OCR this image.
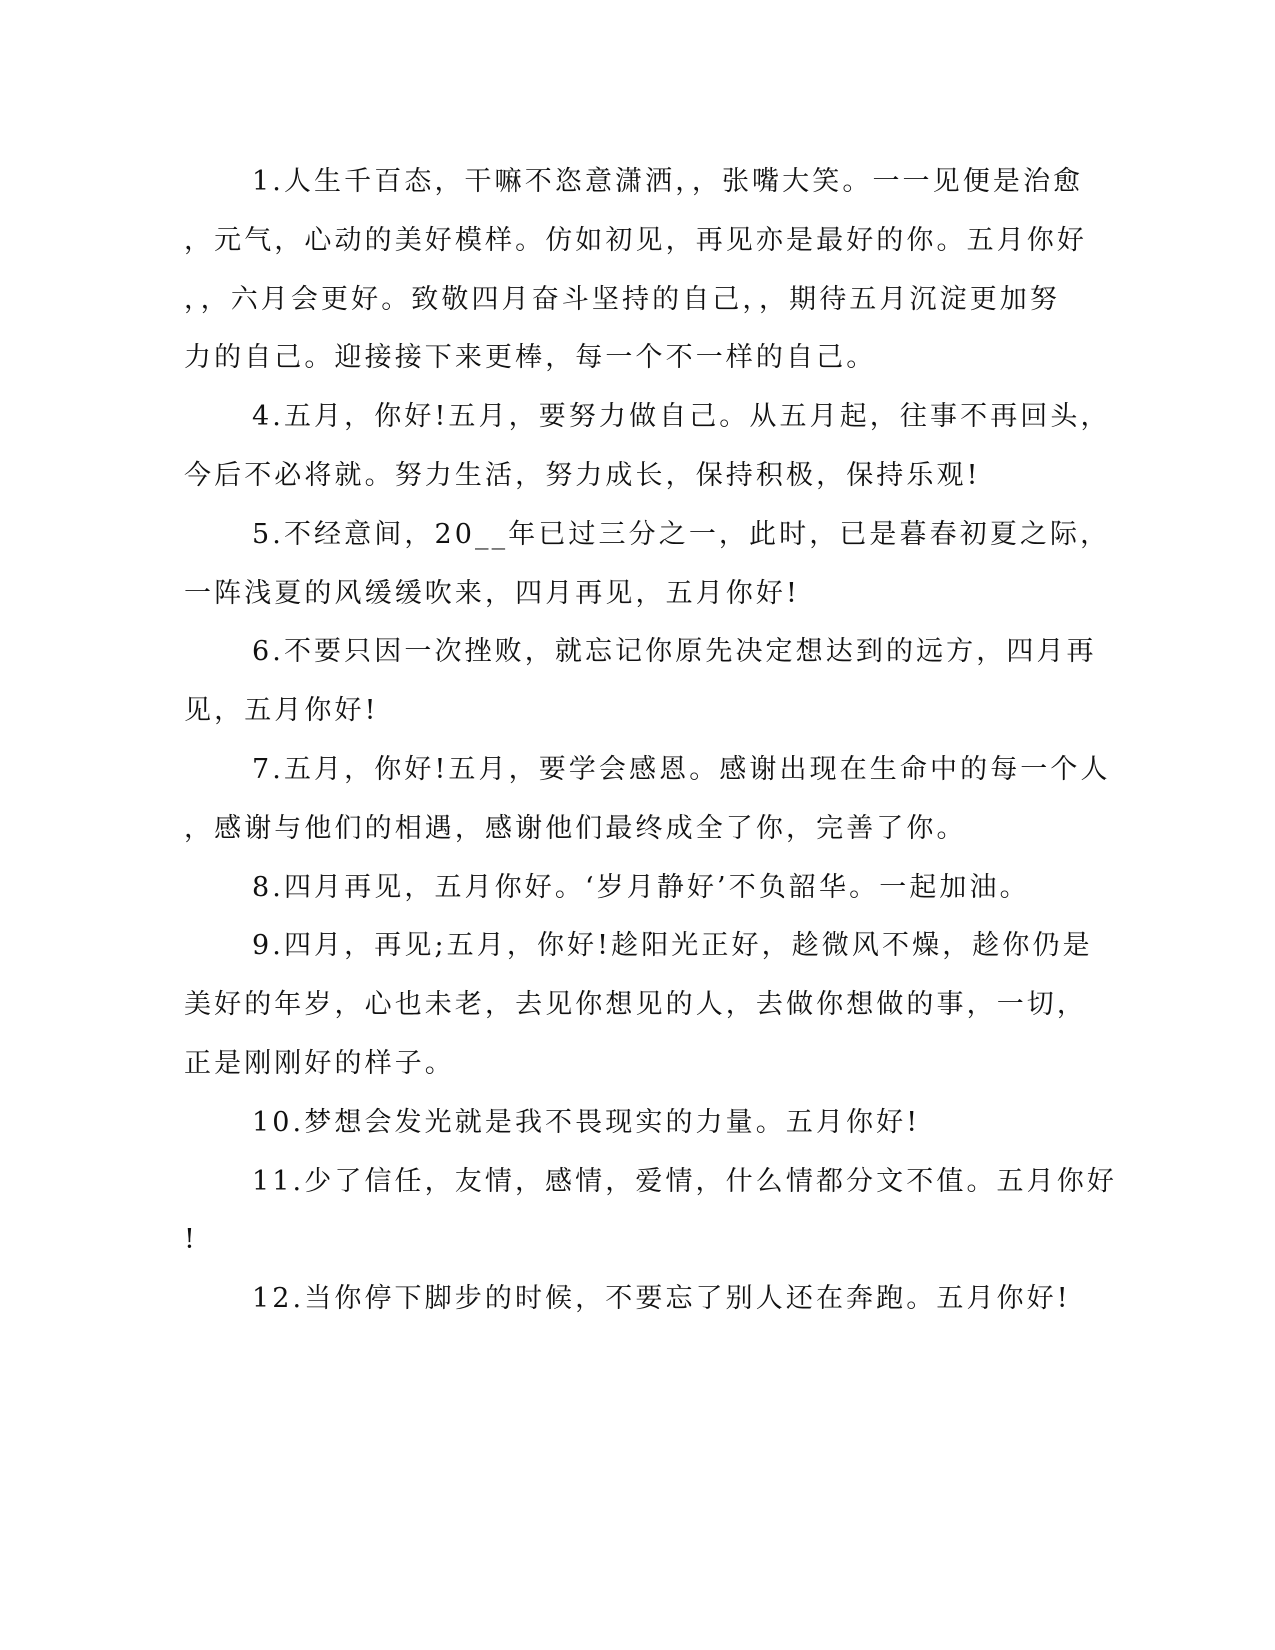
1.人生千百态，干嘛不恣意潇洒，，张嘴大笑。一一见便是治愈
，元气，心动的美好模样。仿如初见，再见亦是最好的你。五月你好
，，六月会更好。致敬四月奋斗坚持的自己，，期待五月沉淀更加努
力的自己。迎接接下来更棒，每一个不一样的自己。
4.五月，你好!五月，要努力做自己。从五月起，往事不再回头，
今后不必将就。努力生活，努力成长，保持积极，保持乐观!
5.不经意间，20__年已过三分之一，此时，已是暮春初夏之际，
一阵浅夏的风缓缓吹来，四月再见，五月你好!
6.不要只因一次挫败，就忘记你原先决定想达到的远方，四月再
见，五月你好!
7.五月，你好!五月，要学会感恩。感谢出现在生命中的每一个人
，感谢与他们的相遇，感谢他们最终成全了你，完善了你。
8.四月再见，五月你好。‘岁月静好’不负韶华。一起加油。
9.四月，再见;五月，你好!趁阳光正好，趁微风不燥，趁你仍是
美好的年岁，心也未老，去见你想见的人，去做你想做的事，一切，
正是刚刚好的样子。
10.梦想会发光就是我不畏现实的力量。五月你好!
11.少了信任，友情，感情，爱情，什么情都分文不值。五月你好
!
12.当你停下脚步的时候，不要忘了别人还在奔跑。五月你好!
